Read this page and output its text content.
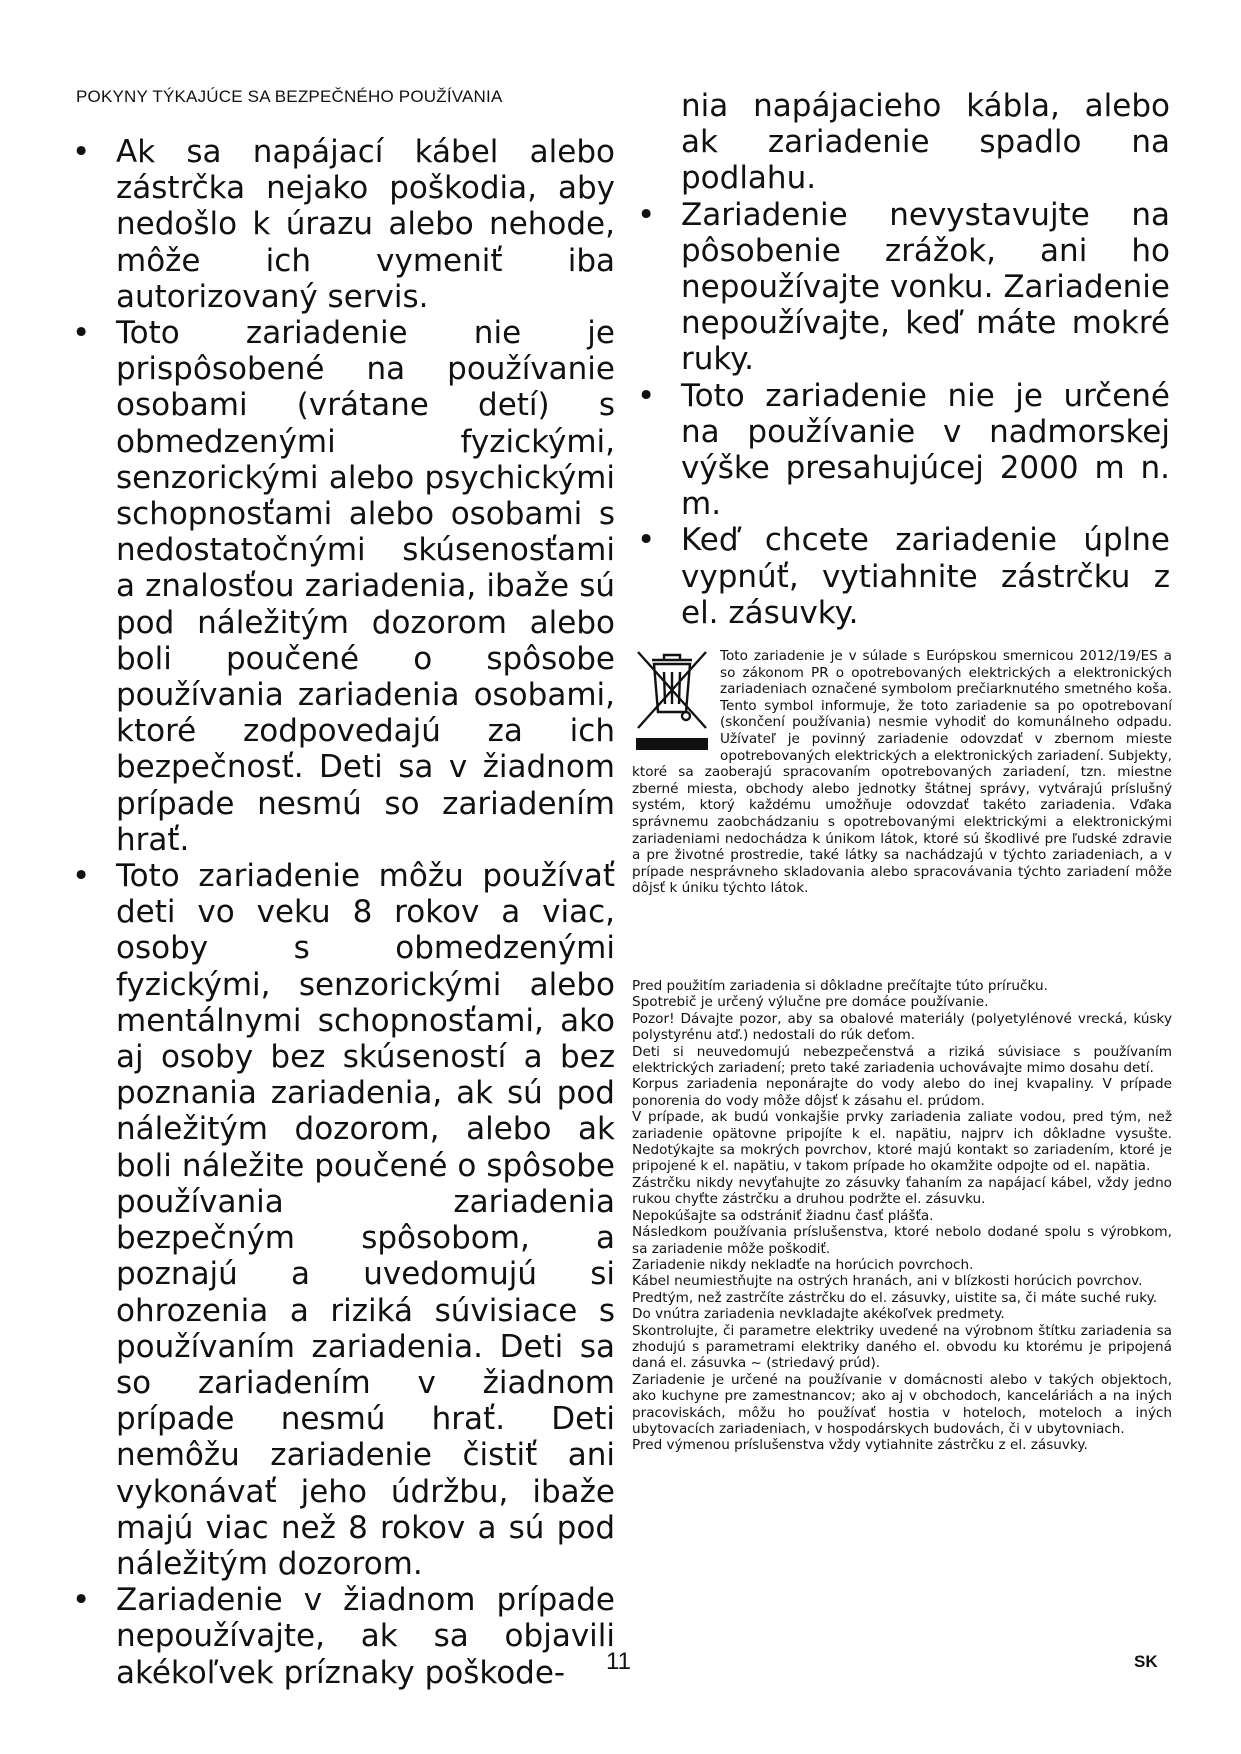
POKYNY TÝKAJÚCE SA BEZPEČNÉHO POUŽÍVANIA
• Ak sa napájací kábel alebo zástrčka nejako poškodia, aby nedošlo k úrazu alebo nehode, môže ich vymeniť iba autorizovaný servis.
• Toto zariadenie nie je prispôsobené na používanie osobami (vrátane detí) s obmedzenými fyzickými, senzorickými alebo psychickými schopnosťami alebo osobami s nedostatočnými skúsenosťami a znalosťou zariadenia, ibaže sú pod náležitým dozorom alebo boli poučené o spôsobe používania zariadenia osobami, ktoré zodpovedajú za ich bezpečnosť. Deti sa v žiadnom prípade nesmú so zariadením hrať.
• Toto zariadenie môžu používať deti vo veku 8 rokov a viac, osoby s obmedzenými fyzickými, senzorickými alebo mentálnymi schopnosťami, ako aj osoby bez skúseností a bez poznania zariadenia, ak sú pod náležitým dozorom, alebo ak boli náležite poučené o spôsobe používania zariadenia bezpečným spôsobom, a poznajú a uvedomujú si ohrozenia a riziká súvisiace s používaním zariadenia. Deti sa so zariadením v žiadnom prípade nesmú hrať. Deti nemôžu zariadenie čistiť ani vykonávať jeho údržbu, ibaže majú viac než 8 rokov a sú pod náležitým dozorom.
• Zariadenie v žiadnom prípade nepoužívajte, ak sa objavili akékoľvek príznaky poškode-

nia napájacieho kábla, alebo ak zariadenie spadlo na podlahu.

• Zariadenie nevystavujte na pôsobenie zrážok, ani ho nepoužívajte vonku. Zariadenie nepoužívajte, keď máte mokré ruky.
• Toto zariadenie nie je určené na používanie v nadmorskej výške presahujúcej 2000 m n. m.
• Keď chcete zariadenie úplne vypnúť, vytiahnite zástrčku z el. zásuvky.

Toto zariadenie je v súlade s Európskou smernicou 2012/19/ES a so zákonom PR o opotrebovaných elektrických a elektronických zariadeniach označené symbolom prečiarknutého smetného koša. Tento symbol informuje, že toto zariadenie sa po opotrebovaní (skončení používania) nesmie vyhodiť do komunálneho odpadu. Užívateľ je povinný zariadenie odovzdať v zbernom mieste opotrebovaných elektrických a elektronických zariadení. Subjekty, ktoré sa zaoberajú spracovaním opotrebovaných zariadení, tzn. miestne zberné miesta, obchody alebo jednotky štátnej správy, vytvárajú príslušný systém, ktorý každému umožňuje odovzdať takéto zariadenia. Vďaka správnemu zaobchádzaniu s opotrebovanými elektrickými a elektronickými zariadeniami nedochádza k únikom látok, ktoré sú škodlivé pre ľudské zdravie a pre životné prostredie, také látky sa nachádzajú v týchto zariadeniach, a v prípade nesprávneho skladovania alebo spracovávania týchto zariadení môže dôjsť k úniku týchto látok.

Pred použitím zariadenia si dôkladne prečítajte túto príručku.

Spotrebič je určený výlučne pre domáce používanie.

Pozor! Dávajte pozor, aby sa obalové materiály (polyetylénové vrecká, kúsky polystyrénu atď.) nedostali do rúk deťom.

Deti si neuvedomujú nebezpečenstvá a riziká súvisiace s používaním elektrických zariadení; preto také zariadenia uchovávajte mimo dosahu detí.

Korpus zariadenia neponárajte do vody alebo do inej kvapaliny. V prípade ponorenia do vody môže dôjsť k zásahu el. prúdom.

V prípade, ak budú vonkajšie prvky zariadenia zaliate vodou, pred tým, než zariadenie opätovne pripojíte k el. napätiu, najprv ich dôkladne vysušte. Nedotýkajte sa mokrých povrchov, ktoré majú kontakt so zariadením, ktoré je pripojené k el. napätiu, v takom prípade ho okamžite odpojte od el. napätia.

Zástrčku nikdy nevyťahujte zo zásuvky ťahaním za napájací kábel, vždy jedno rukou chyťte zástrčku a druhou podržte el. zásuvku.

Nepokúšajte sa odstrániť žiadnu časť plášťa.

Následkom používania príslušenstva, ktoré nebolo dodané spolu s výrobkom, sa zariadenie môže poškodiť.

Zariadenie nikdy nekladťe na horúcich povrchoch.

Kábel neumiestňujte na ostrých hranách, ani v blízkosti horúcich povrchov.

Predtým, než zastrčíte zástrčku do el. zásuvky, uistite sa, či máte suché ruky.

Do vnútra zariadenia nevkladajte akékoľvek predmety.

Skontrolujte, či parametre elektriky uvedené na výrobnom štítku zariadenia sa zhodujú s parametrami elektriky daného el. obvodu ku ktorému je pripojená daná el. zásuvka ~ (striedavý prúd).

Zariadenie je určené na používanie v domácnosti alebo v takých objektoch, ako kuchyne pre zamestnancov; ako aj v obchodoch, kanceláriách a na iných pracoviskách, môžu ho používať hostia v hoteloch, moteloch a iných ubytovacích zariadeniach, v hospodárskych budovách, či v ubytovniach.

Pred výmenou príslušenstva vždy vytiahnite zástrčku z el. zásuvky.

11	SK
